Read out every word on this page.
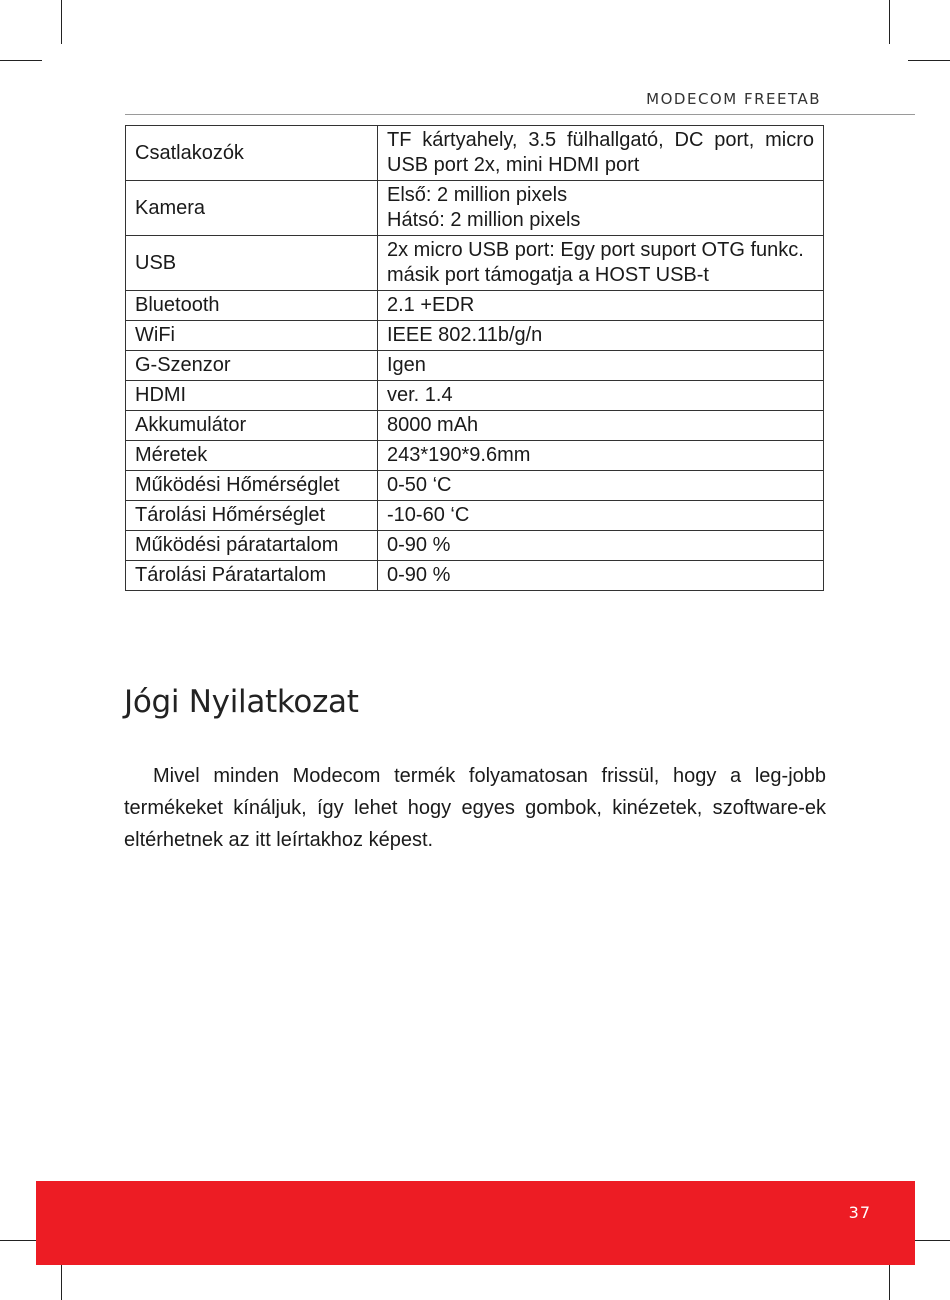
MODECOM FREETAB
Csatlakozók	TF kártyahely, 3.5 fülhallgató, DC port, micro USB port 2x, mini HDMI port

Kamera	Első: 2 million pixels
Hátsó: 2 million pixels

USB	2x micro USB port: Egy port suport OTG funkc.
másik port támogatja a HOST USB-t

Bluetooth	2.1 +EDR

WiFi	IEEE 802.11b/g/n

G-Szenzor	Igen

HDMI	ver. 1.4

Akkumulátor	8000 mAh

Méretek	243*190*9.6mm

Működési Hőmérséglet	0-50 ‘C

Tárolási Hőmérséglet	-10-60 ‘C

Működési páratartalom	0-90 %

Tárolási Páratartalom	0-90 %
Jógi Nyilatkozat

Mivel minden Modecom termék folyamatosan frissül, hogy a leg-jobb termékeket kínáljuk, így lehet hogy egyes gombok, kinézetek, szoftware-ek eltérhetnek az itt leírtakhoz képest.

37
